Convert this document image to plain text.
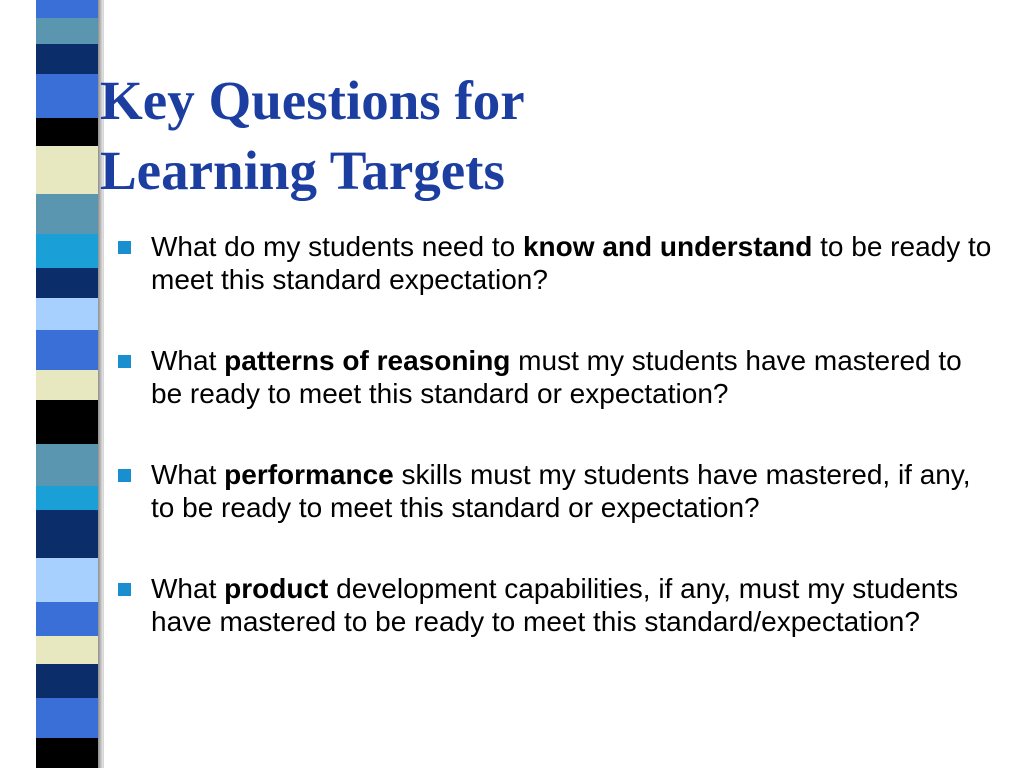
Key Questions for
Learning Targets
What do my students need to know and understand to be ready to meet this standard expectation?
What patterns of reasoning must my students have mastered to be ready to meet this standard or expectation?
What performance skills must my students have mastered, if any, to be ready to meet this standard or expectation?
What product development capabilities, if any, must my students have mastered to be ready to meet this standard/expectation?
